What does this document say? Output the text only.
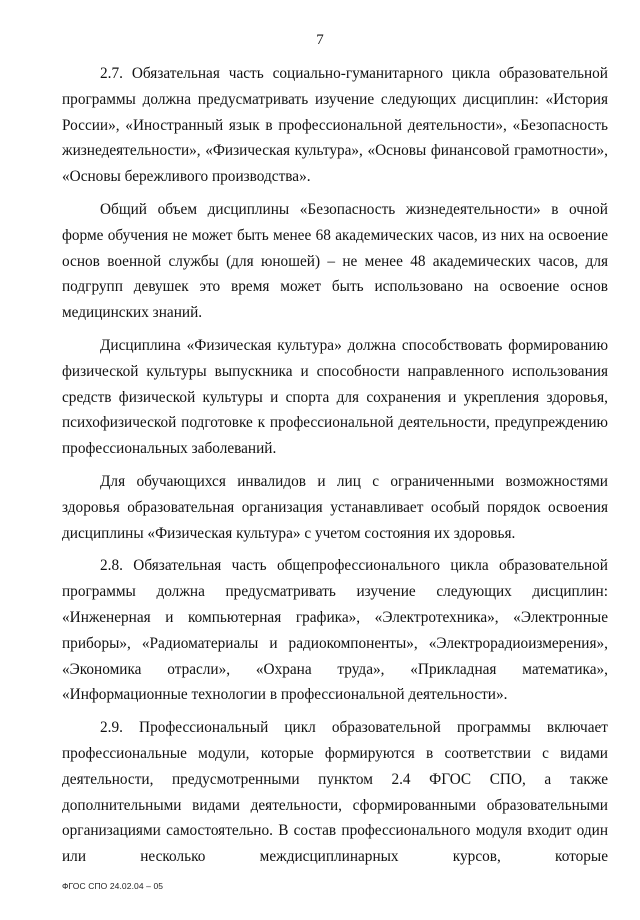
7

2.7. Обязательная часть социально-гуманитарного цикла образовательной программы должна предусматривать изучение следующих дисциплин: «История России», «Иностранный язык в профессиональной деятельности», «Безопасность жизнедеятельности», «Физическая культура», «Основы финансовой грамотности», «Основы бережливого производства».

Общий объем дисциплины «Безопасность жизнедеятельности» в очной форме обучения не может быть менее 68 академических часов, из них на освоение основ военной службы (для юношей) – не менее 48 академических часов, для подгрупп девушек это время может быть использовано на освоение основ медицинских знаний.

Дисциплина «Физическая культура» должна способствовать формированию физической культуры выпускника и способности направленного использования средств физической культуры и спорта для сохранения и укрепления здоровья, психофизической подготовке к профессиональной деятельности, предупреждению профессиональных заболеваний.

Для обучающихся инвалидов и лиц с ограниченными возможностями здоровья образовательная организация устанавливает особый порядок освоения дисциплины «Физическая культура» с учетом состояния их здоровья.

2.8. Обязательная часть общепрофессионального цикла образовательной программы должна предусматривать изучение следующих дисциплин: «Инженерная и компьютерная графика», «Электротехника», «Электронные приборы», «Радиоматериалы и радиокомпоненты», «Электрорадиоизмерения», «Экономика отрасли», «Охрана труда», «Прикладная математика», «Информационные технологии в профессиональной деятельности».

2.9. Профессиональный цикл образовательной программы включает профессиональные модули, которые формируются в соответствии с видами деятельности, предусмотренными пунктом 2.4 ФГОС СПО, а также дополнительными видами деятельности, сформированными образовательными организациями самостоятельно. В состав профессионального модуля входит один или несколько междисциплинарных курсов, которые

ФГОС СПО 24.02.04 – 05
